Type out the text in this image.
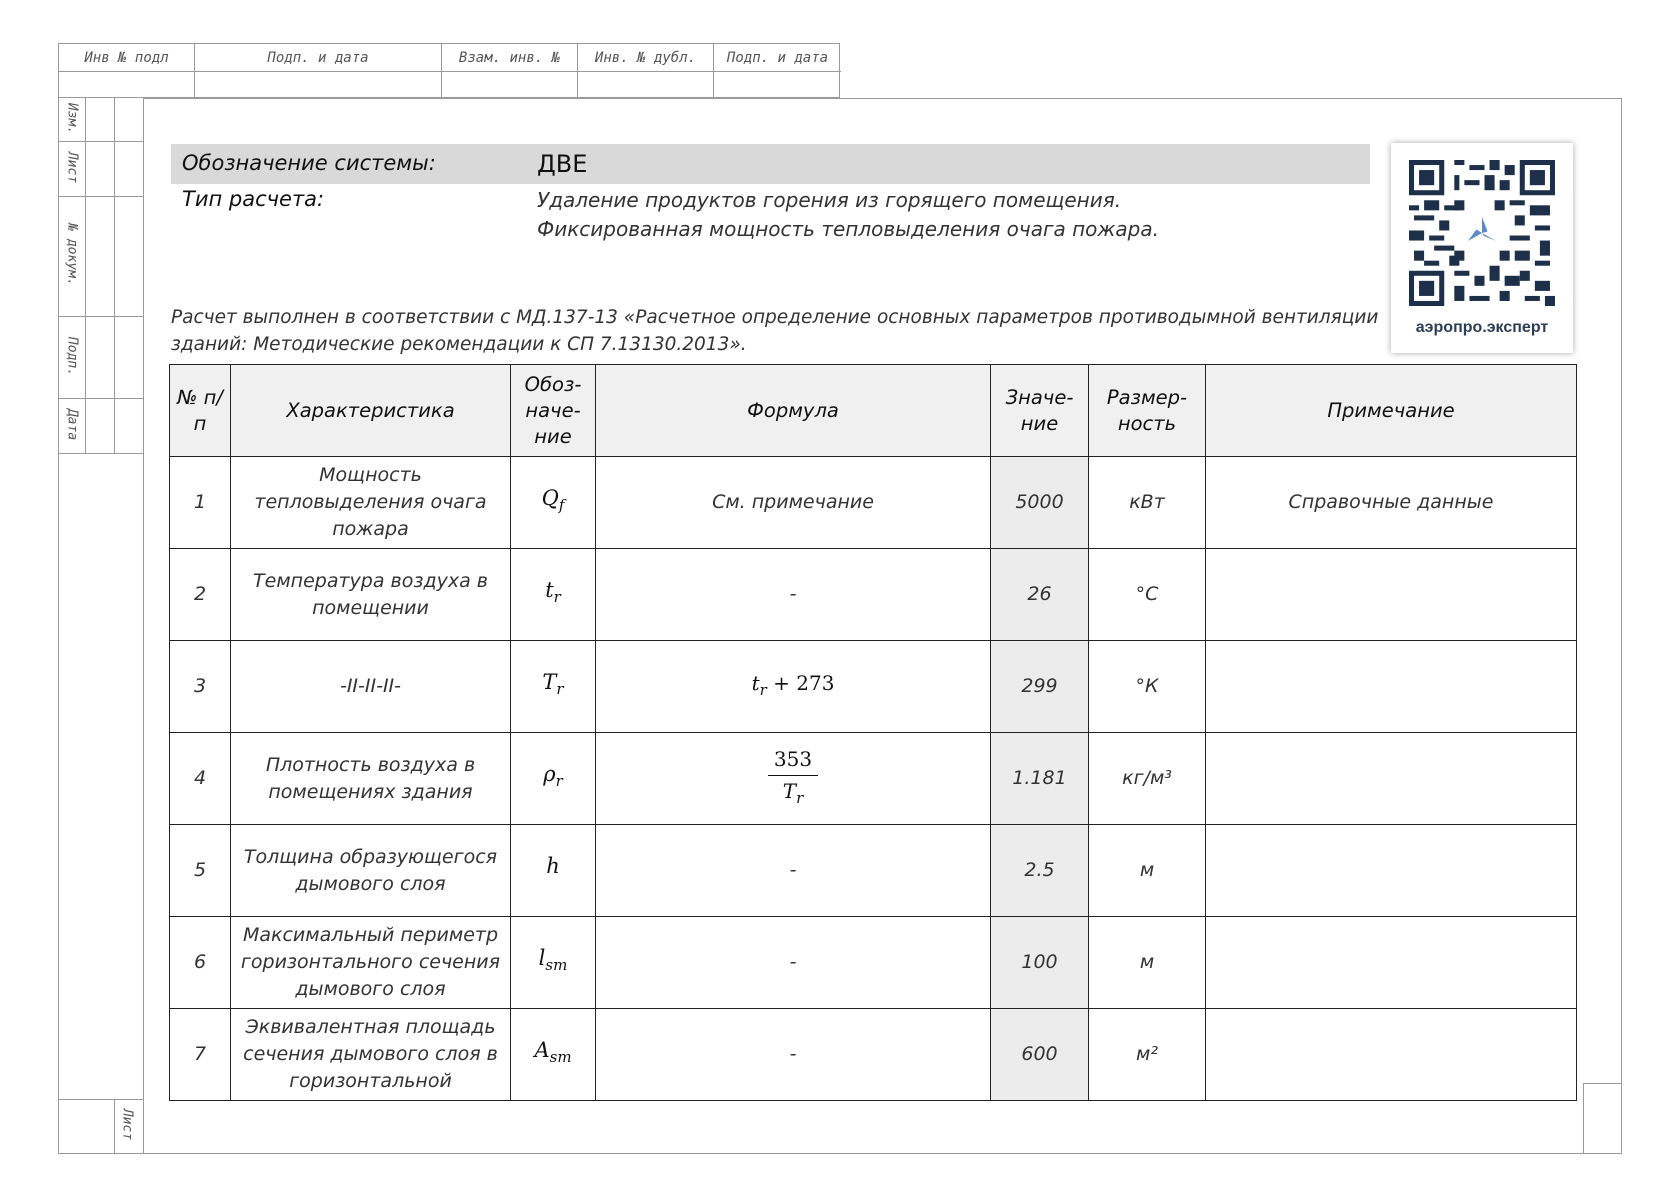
Инв № подл	Подп. и дата	Взам. инв. №	Инв. № дубл.	Подп. и дата
Изм.
Лист
№ докум.
Подп.
Дата
Лист
Обозначение системы:	ДВЕ
Тип расчета:	Удаление продуктов горения из горящего помещения.
Фиксированная мощность тепловыделения очага пожара.
аэропро.эксперт
Расчет выполнен в соответствии с МД.137-13 «Расчетное определение основных параметров противодымной вентиляции зданий: Методические рекомендации к СП 7.13130.2013».
№ п/п	Характеристика	Обоз- наче- ние	Формула	Значе- ние	Размер- ность	Примечание
1	Мощность тепловыделения очага пожара	$Q_f$	См. примечание	5000	кВт	Справочные данные
2	Температура воздуха в помещении	$t_r$	-	26	°С	
3	-II-II-II-	$T_r$	$t_r + 273$	299	°К	
4	Плотность воздуха в помещениях здания	$\rho_r$	$\frac{353}{T_r}$	1.181	кг/м³	
5	Толщина образующегося дымового слоя	h	-	2.5	м	
6	Максимальный периметр горизонтального сечения дымового слоя	$l_{sm}$	-	100	м	
7	Эквивалентная площадь сечения дымового слоя в горизонтальной	$A_{sm}$	-	600	м²	
